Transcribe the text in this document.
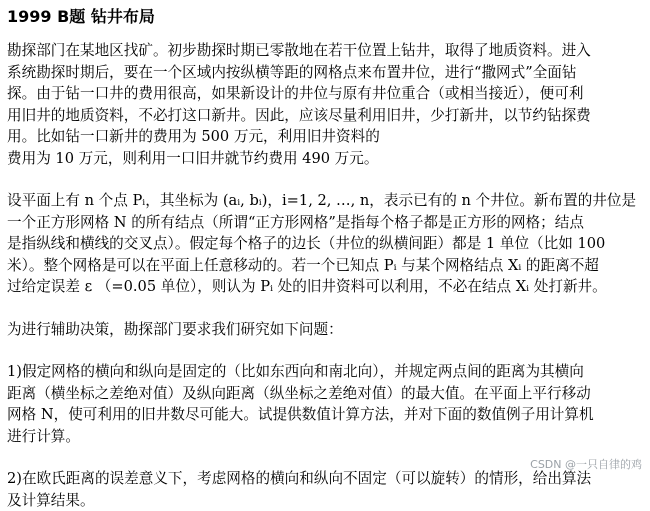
1999 B题 钻井布局
勘探部门在某地区找矿。初步勘探时期已零散地在若干位置上钻井，取得了地质资料。进入
系统勘探时期后，要在一个区域内按纵横等距的网格点来布置井位，进行“撒网式”全面钻
探。由于钻一口井的费用很高，如果新设计的井位与原有井位重合（或相当接近），便可利
用旧井的地质资料，不必打这口新井。因此，应该尽量利用旧井，少打新井，以节约钻探费
用。比如钻一口新井的费用为 500 万元，利用旧井资料的
费用为 10 万元，则利用一口旧井就节约费用 490 万元。
设平面上有 n 个点 Pᵢ，其坐标为 (aᵢ, bᵢ)，i=1, 2, …, n，表示已有的 n 个井位。新布置的井位是
一个正方形网格 N 的所有结点（所谓“正方形网格”是指每个格子都是正方形的网格；结点
是指纵线和横线的交叉点）。假定每个格子的边长（井位的纵横间距）都是 1 单位（比如 100
米）。整个网格是可以在平面上任意移动的。若一个已知点 Pᵢ 与某个网格结点 Xᵢ 的距离不超
过给定误差 ε （=0.05 单位），则认为 Pᵢ 处的旧井资料可以利用，不必在结点 Xᵢ 处打新井。
为进行辅助决策，勘探部门要求我们研究如下问题：
1)假定网格的横向和纵向是固定的（比如东西向和南北向），并规定两点间的距离为其横向
距离（横坐标之差绝对值）及纵向距离（纵坐标之差绝对值）的最大值。在平面上平行移动
网格 N，使可利用的旧井数尽可能大。试提供数值计算方法，并对下面的数值例子用计算机
进行计算。
2)在欧氏距离的误差意义下，考虑网格的横向和纵向不固定（可以旋转）的情形，给出算法
及计算结果。
CSDN @一只自律的鸡
